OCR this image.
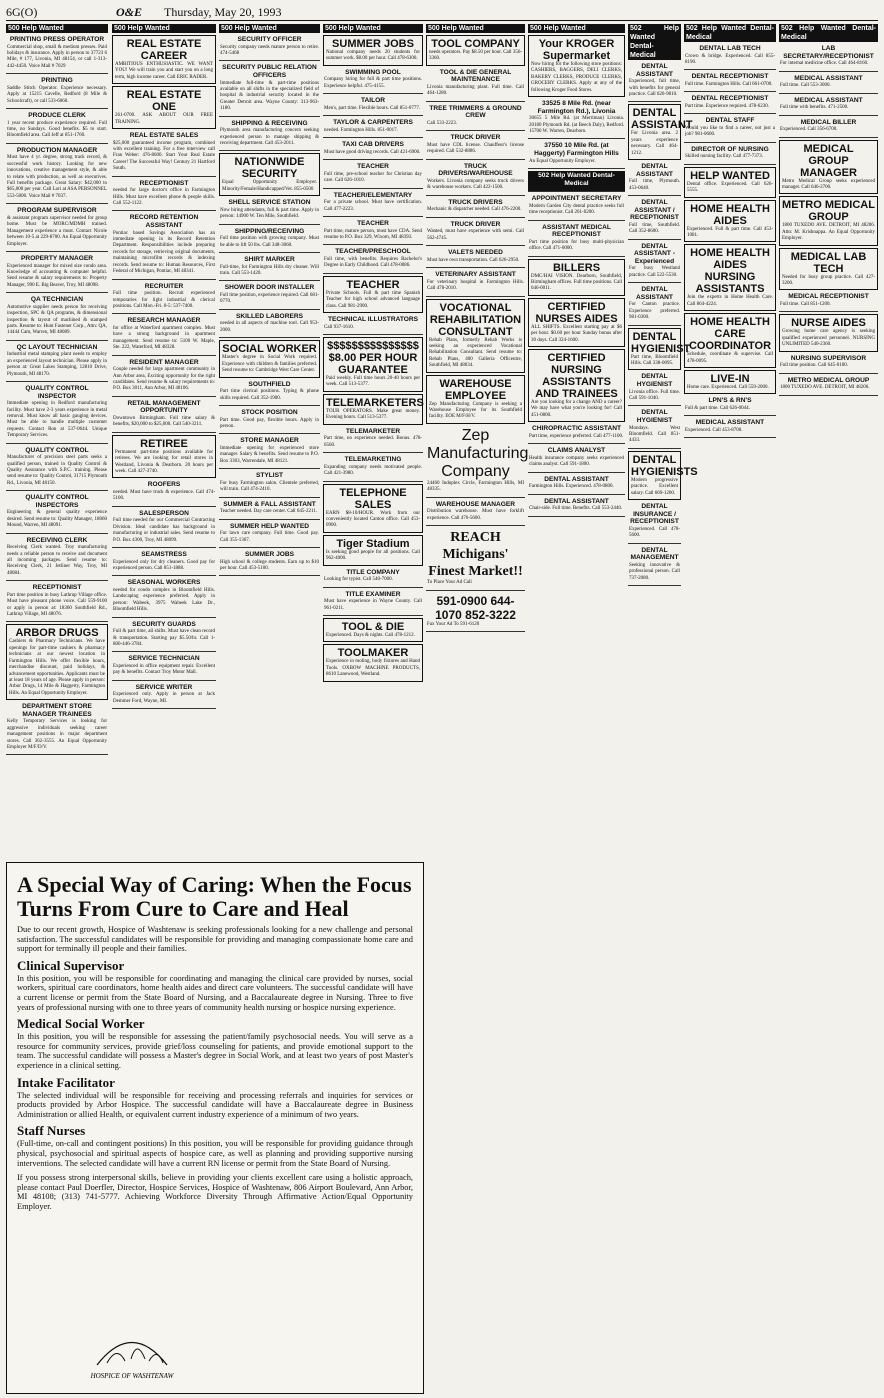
6G(O)	O&E Thursday, May 20, 1993
500 Help Wanted
PRINTING PRESS OPERATOR
Commercial shop, small & medium presses. Paid holidays & insurance. Apply in person to 37723 6 Mile, # 177, Livonia, MI 48154, or call 1-313-442-4450. Voice Mail # 7029
PRINTING
Saddle Stitch Operator. Experience necessary. Apply at 15215 Cavelle, Redford (8 Mile & Schoolcraft), or call 533-6060.
PRODUCE CLERK
1 year recent produce experience required. Full time, no Sundays. Good benefits. $5 to start. Bloomfield area. Call Jeff at 851-1760.
PRODUCTION MANAGER
Must have 4 yr. degree, strong track record, & successful work history. Looking for new innovations, creative management style, & able to relate with production, as well as executives. Full benefits package. Great Salary: $42,000 to $65,000 per year. Call Lori at ASA PERSONNEL 553-5000. Voice Mail # 7037.
PROGRAM SUPERVISOR
& assistant program supervisor needed for group home. Must be MORC/MDMH trained. Management experience a must. Contact Nicole between 10-5 at 229-8700. An Equal Opportunity Employer.
PROPERTY MANAGER
Experienced manager for mixed size condo area. Knowledge of accounting & computer helpful. Send resume & salary requirements to: Property Manager, 990 E. Big Beaver, Troy, MI 48098.
QA TECHNICIAN
Automotive supplier needs person for receiving inspection, SPC & QA programs, & dimensional inspection & layout of machined & stamped parts. Resume to: Hunt Fastener Corp., Attn: QA, 14444 Cam, Warren, MI 48089.
QC LAYOUT TECHNICIAN
Industrial metal stamping plant needs to employ an experienced layout technician. Please apply in person at: Great Lakes Stamping, 12810 Drive, Plymouth, MI 48170.
QUALITY CONTROL INSPECTOR
Immediate opening in Redford manufacturing facility. Must have 2-3 years experience in metal removal. Must know all basic gauging devices. Must be able to handle multiple customer requests. Contact Ron at 537-0644. Unique Temporary Services.
QUALITY CONTROL
Manufacturer of precision steel parts seeks a qualified person, trained in Quality Control & Quality Assurance with S.P.C. training. Please send resume to: Quality Control, 31715 Plymouth Rd., Livonia, MI 48150.
QUALITY CONTROL INSPECTORS
Engineering & general quality experience desired. Send resume to: Quality Manager, 18060 Mound, Warren, MI 48091.
RECEIVING CLERK
Receiving Clerk wanted. Troy manufacturing needs a reliable person to receive and document all incoming packages. Send resume to: Receiving Clerk, 21 Jetliner Way, Troy, MI 48084.
RECEPTIONIST
Part time position in busy Lathrup Village office. Must have pleasant phone voice. Call 559-9100 or apply in person at: 18360 Southfield Rd., Lathrup Village, MI 48076.
ARBOR DRUGS
Cashiers & Pharmacy Technicians. We have openings for part-time cashiers & pharmacy technicians at our newest location in Farmington Hills. We offer flexible hours, merchandise discount, paid holidays, & advancement opportunities. Applicants must be at least 18 years of age. Please apply in person: Arbor Drugs, 14 Mile & Haggerty, Farmington Hills. An Equal Opportunity Employer.
DEPARTMENT STORE MANAGER TRAINEES
Kelly Temporary Services is looking for aggressive individuals seeking career management positions in major department stores. Call 362-3555. An Equal Opportunity Employer M/F/D/V.
500 Help Wanted
REAL ESTATE CAREER
AMBITIOUS ENTHUSIASTIC. WE WANT YOU! We will train you and start you on a long term, high income career. Call ERIC RADER.
REAL ESTATE ONE
261-0700. ASK ABOUT OUR FREE TRAINING.
REAL ESTATE SALES
$25,000 guaranteed income program, combined with excellent training. For a free interview call Fran Weber: 476-8600. Start Your Real Estate Career! The Successful Way! Century 21 Hartford South.
RECEPTIONIST
needed for large doctor's office in Farmington Hills. Must have excellent phone & people skills. Call 552-1122.
RECORD RETENTION ASSISTANT
Pontiac based Savings Association has an immediate opening in its Record Retention Department. Responsibilities include preparing records for storage, retrieving original documents, maintaining microfilm records & indexing records. Send resume to: Human Resources, First Federal of Michigan, Pontiac, MI 48341.
RECRUITER
Full time position. Recruit experienced temporaries for light industrial & clerical positions. Call Mon.-Fri. 8-5: 537-7400.
RESEARCH MANAGER
for office at Waterford apartment complex. Must have a strong background in apartment management. Send resume to: 5100 W. Maple, Ste. 222, Waterford, MI 48328.
RESIDENT MANAGER
Couple needed for large apartment community in Ann Arbor area, Exciting opportunity for the right candidates. Send resume & salary requirements to: P.O. Box 3011, Ann Arbor, MI 48106.
RETAIL MANAGEMENT OPPORTUNITY
Downtown Birmingham. Full time salary & benefits, $20,000 to $25,000. Call 540-3211.
RETIREE
Permanent part-time positions available for retirees. We are looking for retail stores in Westland, Livonia & Dearborn. 20 hours per week. Call 427-3740.
ROOFERS
needed. Must have truck & experience. Call 474-5100.
SALESPERSON
Full time needed for our Commercial Contracting Division. Ideal candidate has background in manufacturing or industrial sales. Send resume to P.O. Box 4300, Troy, MI 48099.
SEAMSTRESS
Experienced only for dry cleaners. Good pay for experienced person. Call 851-1888.
SEASONAL WORKERS
needed for condo complex in Bloomfield Hills. Landscaping experience preferred. Apply in person: Wabeek, 3975 Wabeek Lake Dr., Bloomfield Hills.
SECURITY GUARDS
Full & part time, all shifts. Must have clean record & transportation. Starting pay $5.50/hr. Call 1-800-446-3784.
SERVICE TECHNICIAN
Experienced in office equipment repair. Excellent pay & benefits. Contact Troy Motor Mall.
SERVICE WRITER
Experienced only. Apply in person at Jack Demmer Ford, Wayne, MI.
500 Help Wanted
SECURITY OFFICER
Security company needs mature person to retire. 474-5468
SECURITY PUBLIC RELATION OFFICERS
Immediate full-time & part-time positions available on all shifts in the specialized field of hospital & industrial security located in the Greater Detroit area. Wayne County: 313-963-1180.
SHIPPING & RECEIVING
Plymouth area manufacturing concern seeking experienced person to manage shipping & receiving department. Call 453-2011.
NATIONWIDE SECURITY
Equal Opportunity Employer. Minority/Female/Handicapped/Vet. 855-0500
SHELL SERVICE STATION
Now hiring attendants, full & part time. Apply in person: 14900 W. Ten Mile, Southfield.
SHIPPING/RECEIVING
Full time position with growing company. Must be able to lift 50 lbs. Call 348-3060.
SHIRT MARKER
Full-time, for Farmington Hills dry cleaner. Will train. Call 553-1420.
SHOWER DOOR INSTALLER
Full time position, experience required. Call 681-0770.
SKILLED LABORERS
needed in all aspects of machine tool. Call 953-2000.
SOCIAL WORKER
Master's degree in Social Work required. Experience with children & families preferred. Send resume to: Cambridge West Care Center.
SOUTHFIELD
Part time clerical positions. Typing & phone skills required. Call 352-1900.
STOCK POSITION
Part time. Good pay, flexible hours. Apply in person.
STORE MANAGER
Immediate opening for experienced store manager. Salary & benefits. Send resume to P.O. Box 3303, Warrendale, MI 48121.
STYLIST
For busy Farmington salon. Clientele preferred, will train. Call 474-2410.
SUMMER & FALL ASSISTANT
Teacher needed. Day care center. Call 645-2211.
SUMMER HELP WANTED
For lawn care company. Full time. Good pay. Call 355-1367.
SUMMER JOBS
High school & college students. Earn up to $10 per hour. Call 453-5100.
500 Help Wanted
SUMMER JOBS
National company needs 20 students for summer work. $8.00 per hour. Call 478-6300.
SWIMMING POOL
Company hiring for full & part time positions. Experience helpful. 475-4155.
TAILOR
Men's, part time. Flexible hours. Call 851-0777.
TAYLOR & CARPENTERS
needed. Farmington Hills. 851-0017.
TAXI CAB DRIVERS
Must have good driving records. Call 421-6900.
TEACHER
Full time, pre-school teacher for Christian day care. Call 626-1010.
TEACHER/ELEMENTARY
For a private school. Must have certification. Call 477-2223.
TEACHER
Part time, mature person, must have CDA. Send resume to P.O. Box 329, Wixom, MI 48393.
TEACHER/PRESCHOOL
Full time, with benefits. Requires Bachelor's Degree in Early Childhood. Call 478-0086.
TEACHER
Private Schools. Full & part time Spanish Teacher for high school advanced language class. Call 981-2900.
TECHNICAL ILLUSTRATORS
Call 937-1610.
$$$$$$$$$$$$$$$ $8.00 PER HOUR GUARANTEE
Paid weekly. Full time hours 20-40 hours per week. Call 513-5377.
TELEMARKETERS
TOUR OPERATORS. Make great money. Evening hours. Call 513-5377.
TELEMARKETER
Part time, no experience needed. Bonus. 478-6560.
TELEMARKETING
Expanding company needs motivated people. Call 421-3980.
TELEPHONE SALES
EARN $8-10/HOUR. Work from our conveniently located Canton office. Call 453-0900.
Tiger Stadium
Is seeking good people for all positions. Call 962-4000.
TITLE COMPANY
Looking for typist. Call 540-7000.
TITLE EXAMINER
Must have experience in Wayne County. Call 961-0211.
TOOL & DIE
Experienced. Days & nights. Call 478-1212.
TOOLMAKER
Experience in tooling, body fixtures and Hand Tools. OXBOW MACHINE PRODUCTS, 8610 Lanewood, Westland.
500 Help Wanted
TOOL COMPANY
needs operators. Pay $8.50 per hour. Call 356-3360.
TOOL & DIE GENERAL MAINTENANCE
Livonia manufacturing plant. Full time. Call 464-1280.
TREE TRIMMERS & GROUND CREW
Call 533-2223.
TRUCK DRIVER
Must have CDL license. Chauffeur's license required. Call 532-8886.
TRUCK DRIVERS/WAREHOUSE
Workers. Livonia company seeks truck drivers & warehouse workers. Call 422-1500.
TRUCK DRIVERS
Mechanic & dispatcher needed. Call 476-2200.
TRUCK DRIVER
Wanted, must have experience with semi. Call 562-4745.
VALETS NEEDED
Must have own transportation. Call 626-2950.
VETERINARY ASSISTANT
For veterinary hospital in Farmington Hills. Call 478-2010.
VOCATIONAL REHABILITATION CONSULTANT
Rehab Plans, formerly Rehab Works is seeking an experienced Vocational Rehabilitation Consultant. Send resume to: Rehab Plans, 400 Galleria Officentre, Southfield, MI 48034.
WAREHOUSE EMPLOYEE
Zep Manufacturing Company is seeking a Warehouse Employee for its Southfield facility. EOE M/F/H/V.
Zep Manufacturing Company
24460 Indoplex Circle, Farmington Hills, MI 48335.
WAREHOUSE MANAGER
Distribution warehouse. Must have forklift experience. Call 476-5600.
REACH Michigans' Finest Market!!
To Place Your Ad Call
591-0900 644-1070 852-3222
Fax Your Ad To 591-6120
500 Help Wanted
Your KROGER Supermarket
Now hiring for the following store positions: CASHIERS, BAGGERS, DELI CLERKS, BAKERY CLERKS, PRODUCE CLERKS, GROCERY CLERKS. Apply at any of the following Kroger Food Stores.
33525 8 Mile Rd. (near Farmington Rd.), Livonia
30655 5 Mile Rd. (at Merriman) Livonia. 20180 Plymouth Rd. (at Beech Daly), Redford. 15700 W. Warren, Dearborn.
37550 10 Mile Rd. (at Haggerty) Farmington Hills
An Equal Opportunity Employer.
502 Help Wanted Dental-Medical
APPOINTMENT SECRETARY
Modern Garden City dental practice seeks full time receptionist. Call 261-0200.
ASSISTANT MEDICAL RECEPTIONIST
Part time position for busy multi-physician office. Call 471-0000.
BILLERS
DMC/HAI VISION. Dearborn, Southfield, Birmingham offices. Full time positions. Call 646-0011.
CERTIFIED NURSES AIDES
ALL SHIFTS. Excellent starting pay at $6 per hour. $0.60 per hour Sunday bonus after 30 days. Call 324-1600.
CERTIFIED NURSING ASSISTANTS AND TRAINEES
Are you looking for a change AND a career? We may have what you're looking for! Call 451-0800.
CHIROPRACTIC ASSISTANT
Part time, experience preferred. Call 477-1100.
CLAIMS ANALYST
Health insurance company seeks experienced claims analyst. Call 591-1800.
DENTAL ASSISTANT
Farmington Hills. Experienced. 478-0800.
DENTAL ASSISTANT
Chair-side. Full time. Benefits. Call 553-2440.
502 Help Wanted Dental-Medical
DENTAL ASSISTANT
Experienced, full time, with benefits for general practice. Call 626-9810.
DENTAL ASSISTANT
For Livonia area. 2 years experience necessary. Call 464-1212.
DENTAL ASSISTANT
Full time, Plymouth. 453-0640.
DENTAL ASSISTANT / RECEPTIONIST
Full time, Southfield. Call 352-8600.
DENTAL ASSISTANT - Experienced
For busy Westland practice. Call 522-5530.
DENTAL ASSISTANT
For Canton practice. Experience preferred. 981-0300.
DENTAL HYGIENIST
Part time, Bloomfield Hills. Call 338-0095.
DENTAL HYGIENIST
Livonia office. Full time. Call 591-1040.
DENTAL HYGIENIST
Mondays. West Bloomfield. Call 851-4433.
DENTAL HYGIENISTS
Modern progressive practice. Excellent salary. Call 669-1200.
DENTAL INSURANCE / RECEPTIONIST
Experienced. Call 478-5600.
DENTAL MANAGEMENT
Seeking innovative & professional person. Call 737-2080.
502 Help Wanted Dental-Medical
DENTAL LAB TECH
Crown & bridge. Experienced. Call 855-8190.
DENTAL RECEPTIONIST
Full time. Farmington Hills. Call 661-0700.
DENTAL RECEPTIONIST
Part time. Experience required. 478-6230.
DENTAL STAFF
Would you like to find a career, not just a job? 981-0600.
DIRECTOR OF NURSING
Skilled nursing facility. Call 477-7373.
HELP WANTED
Dental office. Experienced. Call 626-5555.
HOME HEALTH AIDES
Experienced. Full & part time. Call 453-1081.
HOME HEALTH AIDES NURSING ASSISTANTS
Join the experts in Home Health Care. Call 864-4224.
HOME HEALTH CARE COORDINATOR
Schedule, coordinate & supervise. Call 478-0095.
LIVE-IN
Home care. Experienced. Call 559-2000.
LPN'S & RN'S
Full & part time. Call 626-0044.
MEDICAL ASSISTANT
Experienced. Call 453-8700.
502 Help Wanted Dental-Medical
LAB SECRETARY/RECEPTIONIST
For internal medicine office. Call 464-8160.
MEDICAL ASSISTANT
Full time. Call 553-3000.
MEDICAL ASSISTANT
Full time with benefits. 471-2500.
MEDICAL BILLER
Experienced. Call 356-6700.
MEDICAL GROUP MANAGER
Metro Medical Group seeks experienced manager. Call 646-2700.
METRO MEDICAL GROUP
1800 TUXEDO AVE. DETROIT, MI 48206. Attn: M. Krishnappa. An Equal Opportunity Employer.
MEDICAL LAB TECH
Needed for busy group practice. Call 427-3200.
MEDICAL RECEPTIONIST
Full time. Call 851-1200.
NURSE AIDES
Growing home care agency is seeking qualified experienced personnel. NURSING UNLIMITED 540-2360.
NURSING SUPERVISOR
Full time position. Call 645-0100.
METRO MEDICAL GROUP
1800 TUXEDO AVE. DETROIT, MI 48206.
A Special Way of Caring: When the Focus Turns From Cure to Care and Heal
Due to our recent growth, Hospice of Washtenaw is seeking professionals looking for a new challenge and personal satisfaction. The successful candidates will be responsible for providing and managing compassionate home care and support for terminally ill people and their families.
Clinical Supervisor
In this position, you will be responsible for coordinating and managing the clinical care provided by nurses, social workers, spiritual care coordinators, home health aides and direct care volunteers. The successful candidate will have a current license or permit from the State Board of Nursing, and a Baccalaureate degree in Nursing. Three to five years of professional nursing with one to three years of community health nursing or hospice nursing experience.
Medical Social Worker
In this position, you will be responsible for assessing the patient/family psychosocial needs. You will serve as a resource for community services, provide grief/loss counseling for patients, and provide emotional support to the team. The successful candidate will possess a Master's degree in Social Work, and at least two years of post Master's experience in a clinical setting.
Intake Facilitator
The selected individual will be responsible for receiving and processing referrals and inquiries for services or products provided by Arbor Hospice. The successful candidate will have a Baccalaureate degree in Business Administration or allied Health, or equivalent current industry experience of a minimum of two years.
Staff Nurses
(Full-time, on-call and contingent positions) In this position, you will be responsible for providing guidance through physical, psychosocial and spiritual aspects of hospice care, as well as planning and providing supportive nursing interventions. The selected candidate will have a current RN license or permit from the State Board of Nursing.
If you possess strong interpersonal skills, believe in providing your clients excellent care using a holistic approach, please contact Paul Doerfler, Director, Hospice Services, Hospice of Washtenaw, 806 Airport Boulevard, Ann Arbor, MI 48108; (313) 741-5777. Achieving Workforce Diversity Through Affirmative Action/Equal Opportunity Employer.
HOSPICE OF WASHTENAW
